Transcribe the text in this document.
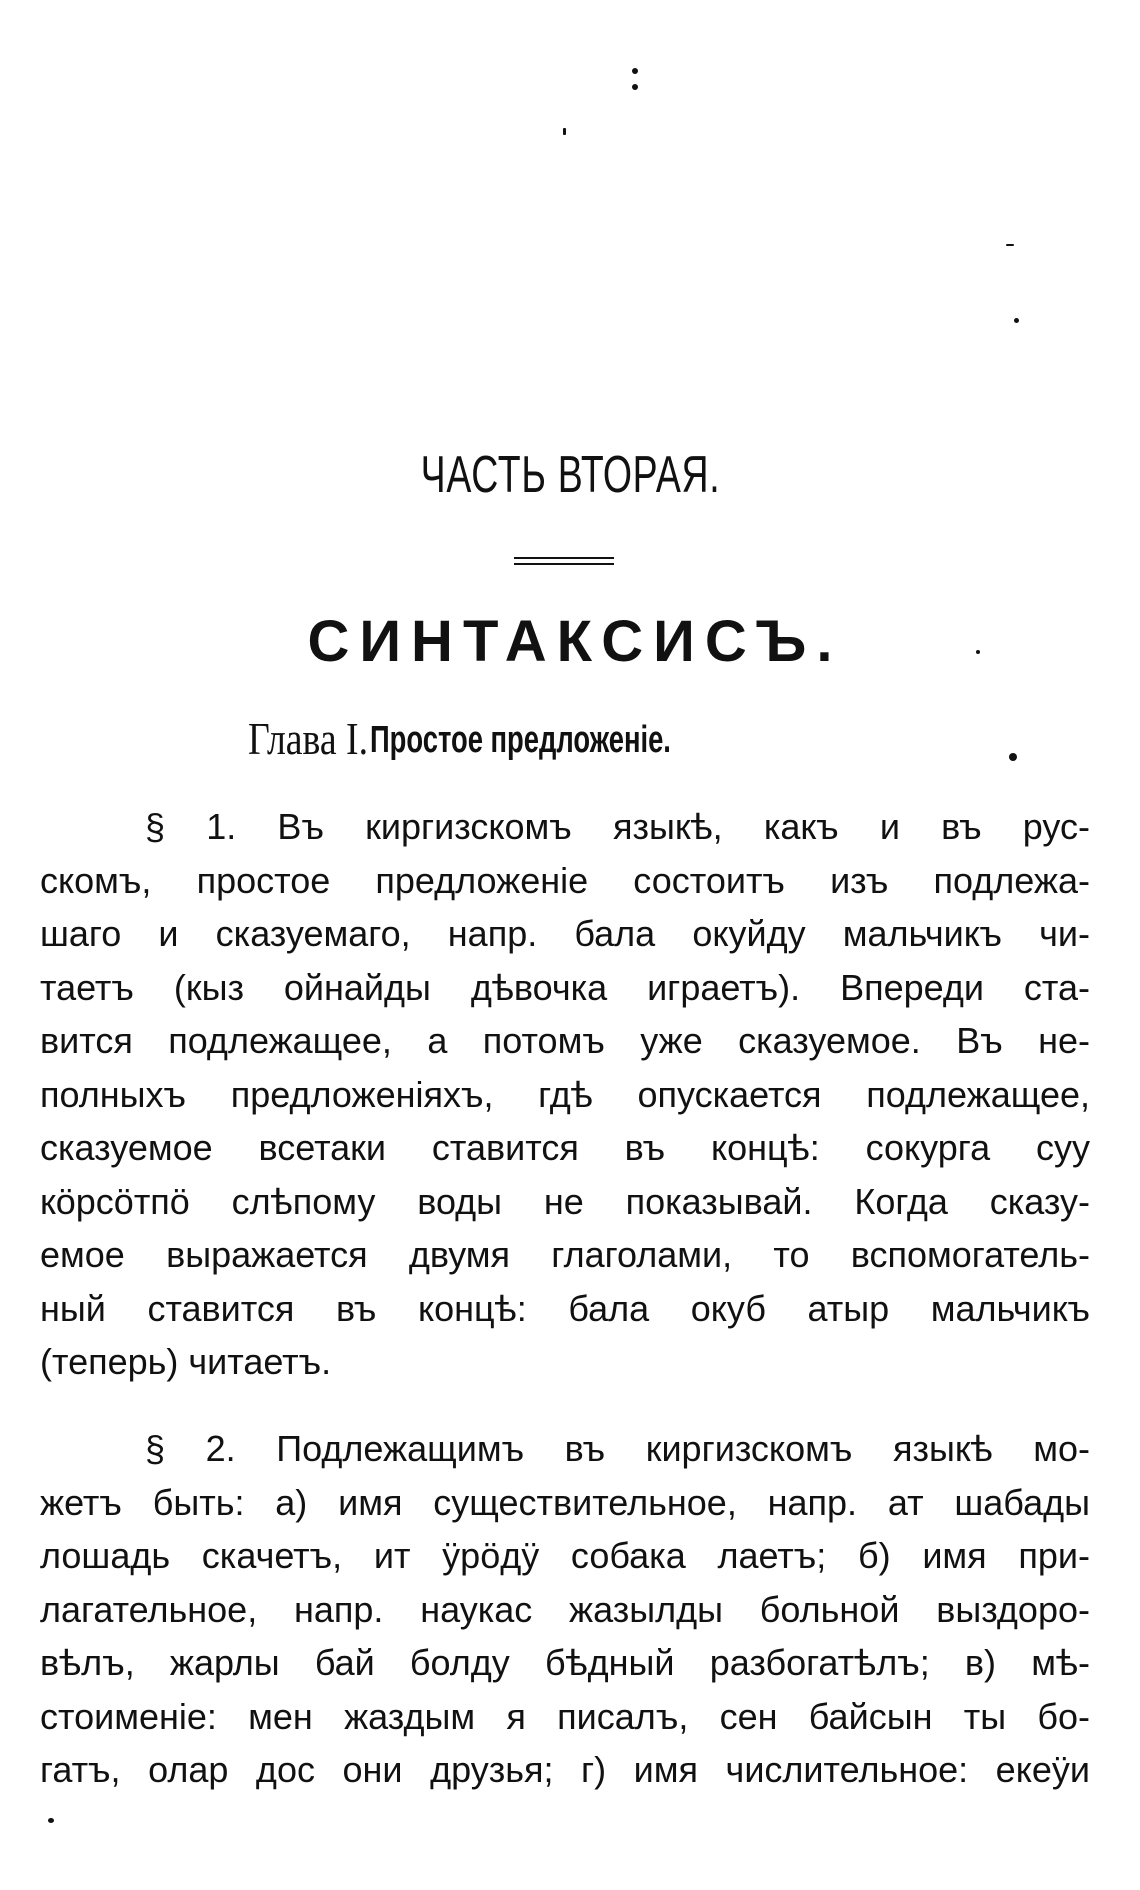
ЧАСТЬ ВТОРАЯ.
СИНТАКСИСЪ.
Глава I. Простое предложеніе.
§ 1. Въ киргизскомъ языкѣ, какъ и въ рус-
скомъ, простое предложеніе состоитъ изъ подлежа-
шаго и сказуемаго, напр. бала окуйду мальчикъ чи-
таетъ (кыз ойнайды дѣвочка играетъ). Впереди ста-
вится подлежащее, а потомъ уже сказуемое. Въ не-
полныхъ предложеніяхъ, гдѣ опускается подлежащее,
сказуемое всетаки ставится въ концѣ: сокурга суу
кöрсöтпö слѣпому воды не показывай. Когда сказу-
емое выражается двумя глаголами, то вспомогатель-
ный ставится въ концѣ: бала окуб атыр мальчикъ
(теперь) читаетъ.
§ 2. Подлежащимъ въ киргизскомъ языкѣ мо-
жетъ быть: а) имя существительное, напр. ат шабады
лошадь скачетъ, ит ÿрöдÿ собака лаетъ; б) имя при-
лагательное, напр. наукас жазылды больной выздоро-
вѣлъ, жарлы бай болду бѣдный разбогатѣлъ; в) мѣ-
стоименіе: мен жаздым я писалъ, сен байсын ты бо-
гатъ, олар дос они друзья; г) имя числительное: екеÿи
